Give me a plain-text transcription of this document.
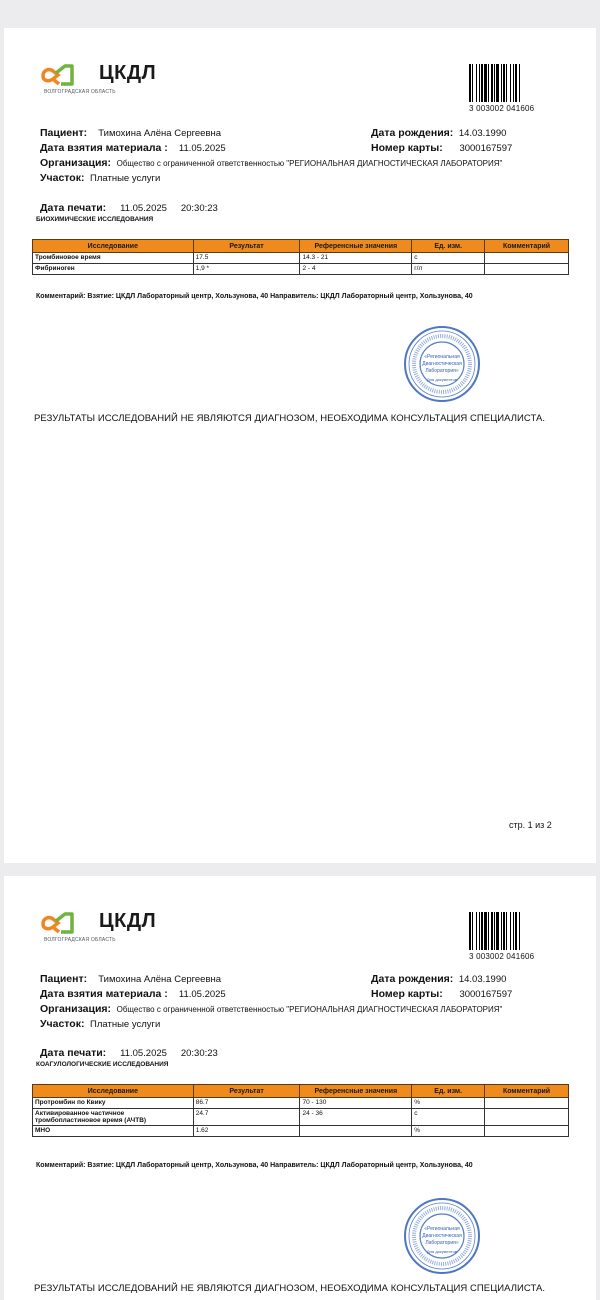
ЦКДЛ
ВОЛГОГРАДСКАЯ ОБЛАСТЬ
3 003002 041606
Пациент: Тимохина Алёна Сергеевна	Дата рождения: 14.03.1990
Дата взятия материала : 11.05.2025	Номер карты: 3000167597
Организация: Общество с ограниченной ответственностью "РЕГИОНАЛЬНАЯ ДИАГНОСТИЧЕСКАЯ ЛАБОРАТОРИЯ"
Участок: Платные услуги
Дата печати: 11.05.2025 20:30:23
БИОХИМИЧЕСКИЕ ИССЛЕДОВАНИЯ
Исследование	Результат	Референсные значения	Ед. изм.	Комментарий
Тромбиновое время	17.5	14.3 - 21	с	
Фибриноген	1,9 *	2 - 4	г/л	
Комментарий: Взятие: ЦКДЛ Лабораторный центр, Хользунова, 40 Направитель: ЦКДЛ Лабораторный центр, Хользунова, 40
«Региональная
Диагностическая
Лаборатория»
Для документов
РЕЗУЛЬТАТЫ ИССЛЕДОВАНИЙ НЕ ЯВЛЯЮТСЯ ДИАГНОЗОМ, НЕОБХОДИМА КОНСУЛЬТАЦИЯ СПЕЦИАЛИСТА.
стр. 1 из 2
ЦКДЛ
ВОЛГОГРАДСКАЯ ОБЛАСТЬ
3 003002 041606
Пациент: Тимохина Алёна Сергеевна	Дата рождения: 14.03.1990
Дата взятия материала : 11.05.2025	Номер карты: 3000167597
Организация: Общество с ограниченной ответственностью "РЕГИОНАЛЬНАЯ ДИАГНОСТИЧЕСКАЯ ЛАБОРАТОРИЯ"
Участок: Платные услуги
Дата печати: 11.05.2025 20:30:23
КОАГУЛОЛОГИЧЕСКИЕ ИССЛЕДОВАНИЯ
Исследование	Результат	Референсные значения	Ед. изм.	Комментарий
Протромбин по Квику	86.7	70 - 130	%	
Активированное частичное тромбопластиновое время (АЧТВ)	24.7	24 - 36	с	
МНО	1.62		%	
Комментарий: Взятие: ЦКДЛ Лабораторный центр, Хользунова, 40 Направитель: ЦКДЛ Лабораторный центр, Хользунова, 40
«Региональная
Диагностическая
Лаборатория»
Для документов
РЕЗУЛЬТАТЫ ИССЛЕДОВАНИЙ НЕ ЯВЛЯЮТСЯ ДИАГНОЗОМ, НЕОБХОДИМА КОНСУЛЬТАЦИЯ СПЕЦИАЛИСТА.
